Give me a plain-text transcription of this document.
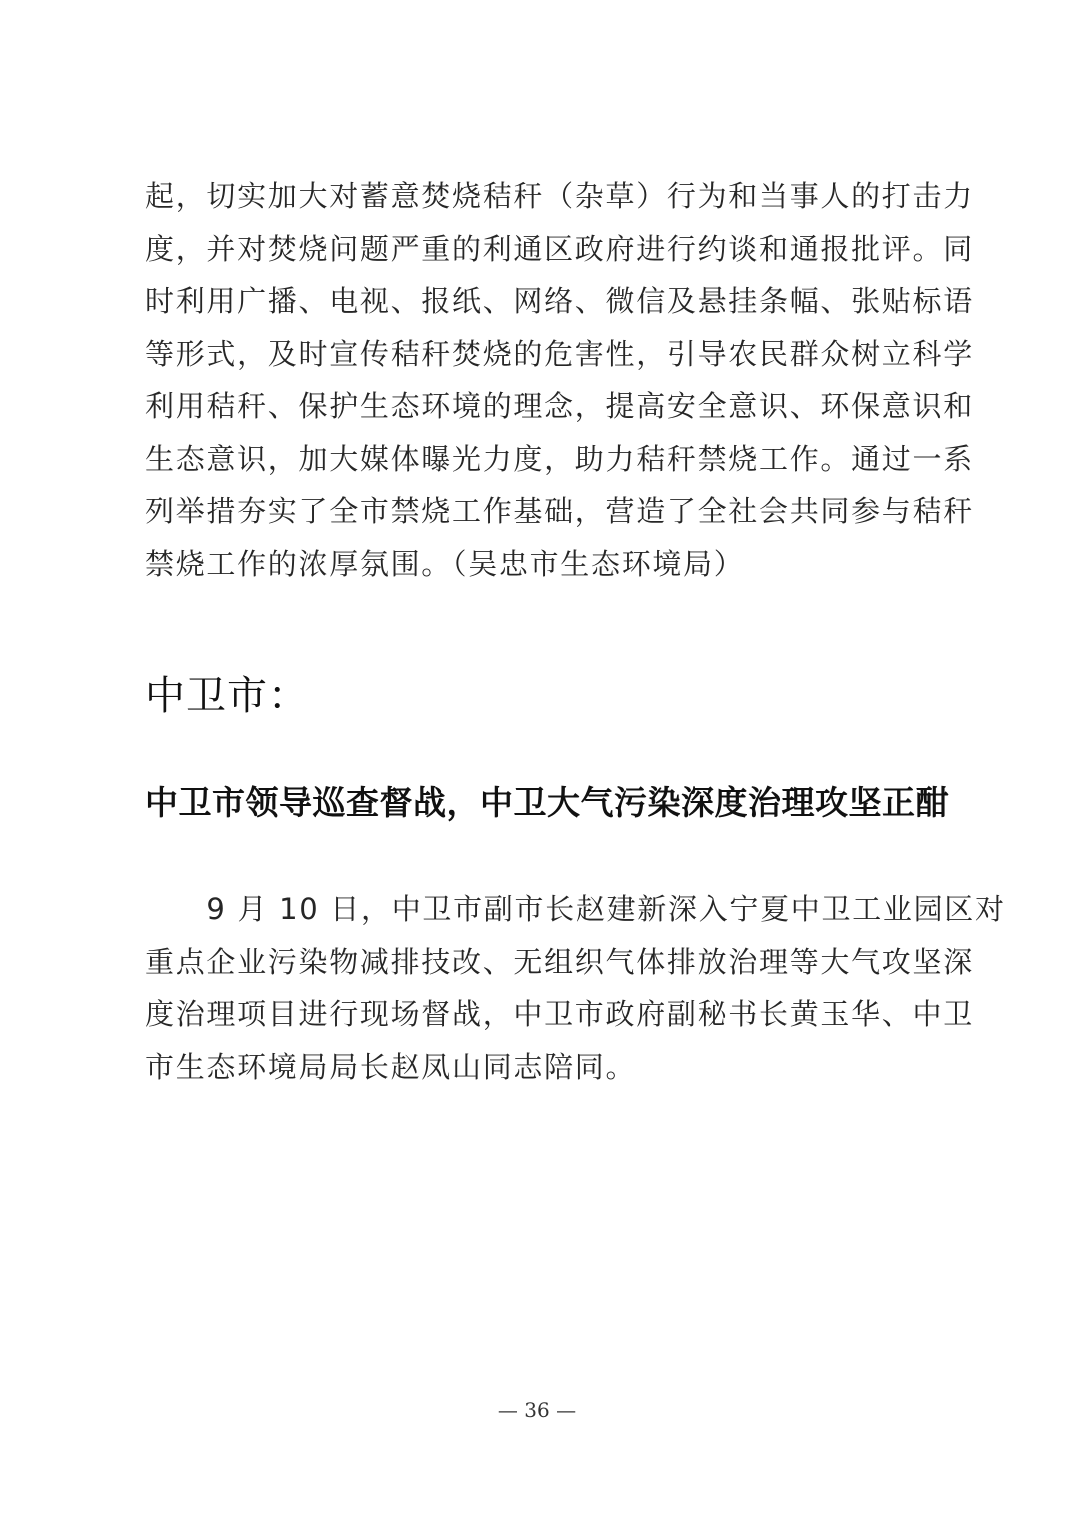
起，切实加大对蓄意焚烧秸秆（杂草）行为和当事人的打击力
度，并对焚烧问题严重的利通区政府进行约谈和通报批评。同
时利用广播、电视、报纸、网络、微信及悬挂条幅、张贴标语
等形式，及时宣传秸秆焚烧的危害性，引导农民群众树立科学
利用秸秆、保护生态环境的理念，提高安全意识、环保意识和
生态意识，加大媒体曝光力度，助力秸秆禁烧工作。通过一系
列举措夯实了全市禁烧工作基础，营造了全社会共同参与秸秆
禁烧工作的浓厚氛围。（吴忠市生态环境局）
中卫市：
中卫市领导巡查督战，中卫大气污染深度治理攻坚正酣
　　9 月 10 日，中卫市副市长赵建新深入宁夏中卫工业园区对
重点企业污染物减排技改、无组织气体排放治理等大气攻坚深
度治理项目进行现场督战，中卫市政府副秘书长黄玉华、中卫
市生态环境局局长赵凤山同志陪同。
— 36 —
